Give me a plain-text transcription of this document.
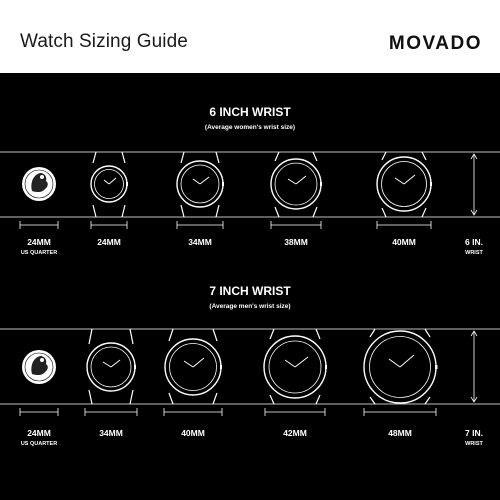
Watch Sizing Guide	MOVADO
6 INCH WRIST
(Average women's wrist size)
24MM
US QUARTER
24MM	34MM	38MM	40MM	6 IN.
WRIST
7 INCH WRIST
(Average men's wrist size)
24MM
US QUARTER
34MM	40MM	42MM	48MM	7 IN.
WRIST
